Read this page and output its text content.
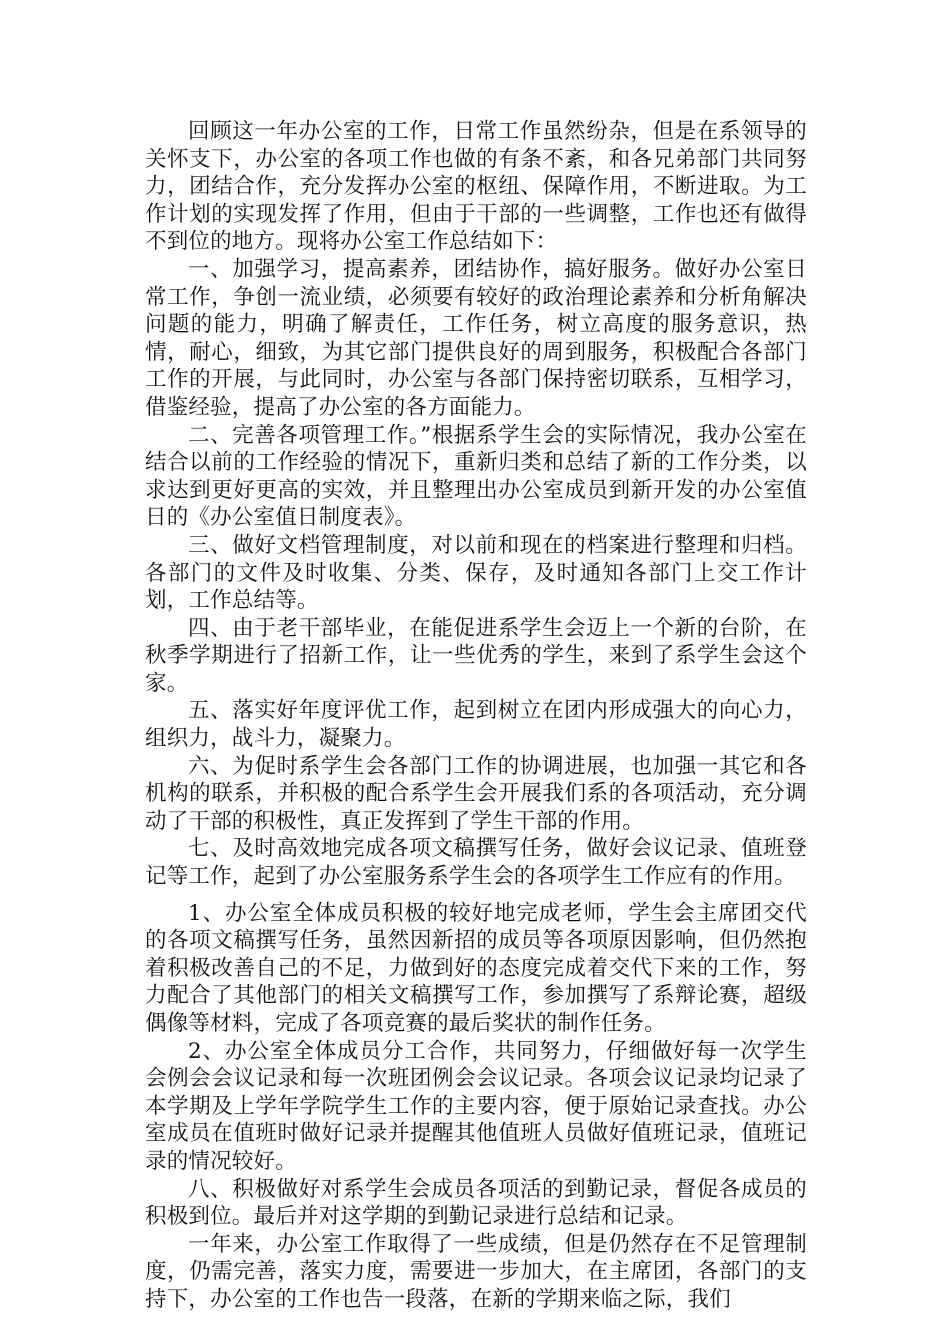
回顾这一年办公室的工作，日常工作虽然纷杂，但是在系领导的关怀支下，办公室的各项工作也做的有条不紊，和各兄弟部门共同努力，团结合作，充分发挥办公室的枢纽、保障作用，不断进取。为工作计划的实现发挥了作用，但由于干部的一些调整，工作也还有做得不到位的地方。现将办公室工作总结如下：

一、加强学习，提高素养，团结协作，搞好服务。做好办公室日常工作，争创一流业绩，必须要有较好的政治理论素养和分析角解决问题的能力，明确了解责任，工作任务，树立高度的服务意识，热情，耐心，细致，为其它部门提供良好的周到服务，积极配合各部门工作的开展，与此同时，办公室与各部门保持密切联系，互相学习，借鉴经验，提高了办公室的各方面能力。

二、完善各项管理工作。”根据系学生会的实际情况，我办公室在结合以前的工作经验的情况下，重新归类和总结了新的工作分类，以求达到更好更高的实效，并且整理出办公室成员到新开发的办公室值日的《办公室值日制度表》。

三、做好文档管理制度，对以前和现在的档案进行整理和归档。各部门的文件及时收集、分类、保存，及时通知各部门上交工作计划，工作总结等。

四、由于老干部毕业，在能促进系学生会迈上一个新的台阶，在秋季学期进行了招新工作，让一些优秀的学生，来到了系学生会这个家。

五、落实好年度评优工作，起到树立在团内形成强大的向心力，组织力，战斗力，凝聚力。

六、为促时系学生会各部门工作的协调进展，也加强一其它和各机构的联系，并积极的配合系学生会开展我们系的各项活动，充分调动了干部的积极性，真正发挥到了学生干部的作用。

七、及时高效地完成各项文稿撰写任务，做好会议记录、值班登记等工作，起到了办公室服务系学生会的各项学生工作应有的作用。

1、办公室全体成员积极的较好地完成老师，学生会主席团交代的各项文稿撰写任务，虽然因新招的成员等各项原因影响，但仍然抱着积极改善自己的不足，力做到好的态度完成着交代下来的工作，努力配合了其他部门的相关文稿撰写工作，参加撰写了系辩论赛，超级偶像等材料，完成了各项竞赛的最后奖状的制作任务。

2、办公室全体成员分工合作，共同努力，仔细做好每一次学生会例会会议记录和每一次班团例会会议记录。各项会议记录均记录了本学期及上学年学院学生工作的主要内容，便于原始记录查找。办公室成员在值班时做好记录并提醒其他值班人员做好值班记录，值班记录的情况较好。

八、积极做好对系学生会成员各项活的到勤记录，督促各成员的积极到位。最后并对这学期的到勤记录进行总结和记录。

一年来，办公室工作取得了一些成绩，但是仍然存在不足管理制度，仍需完善，落实力度，需要进一步加大，在主席团，各部门的支持下，办公室的工作也告一段落，在新的学期来临之际，我们
